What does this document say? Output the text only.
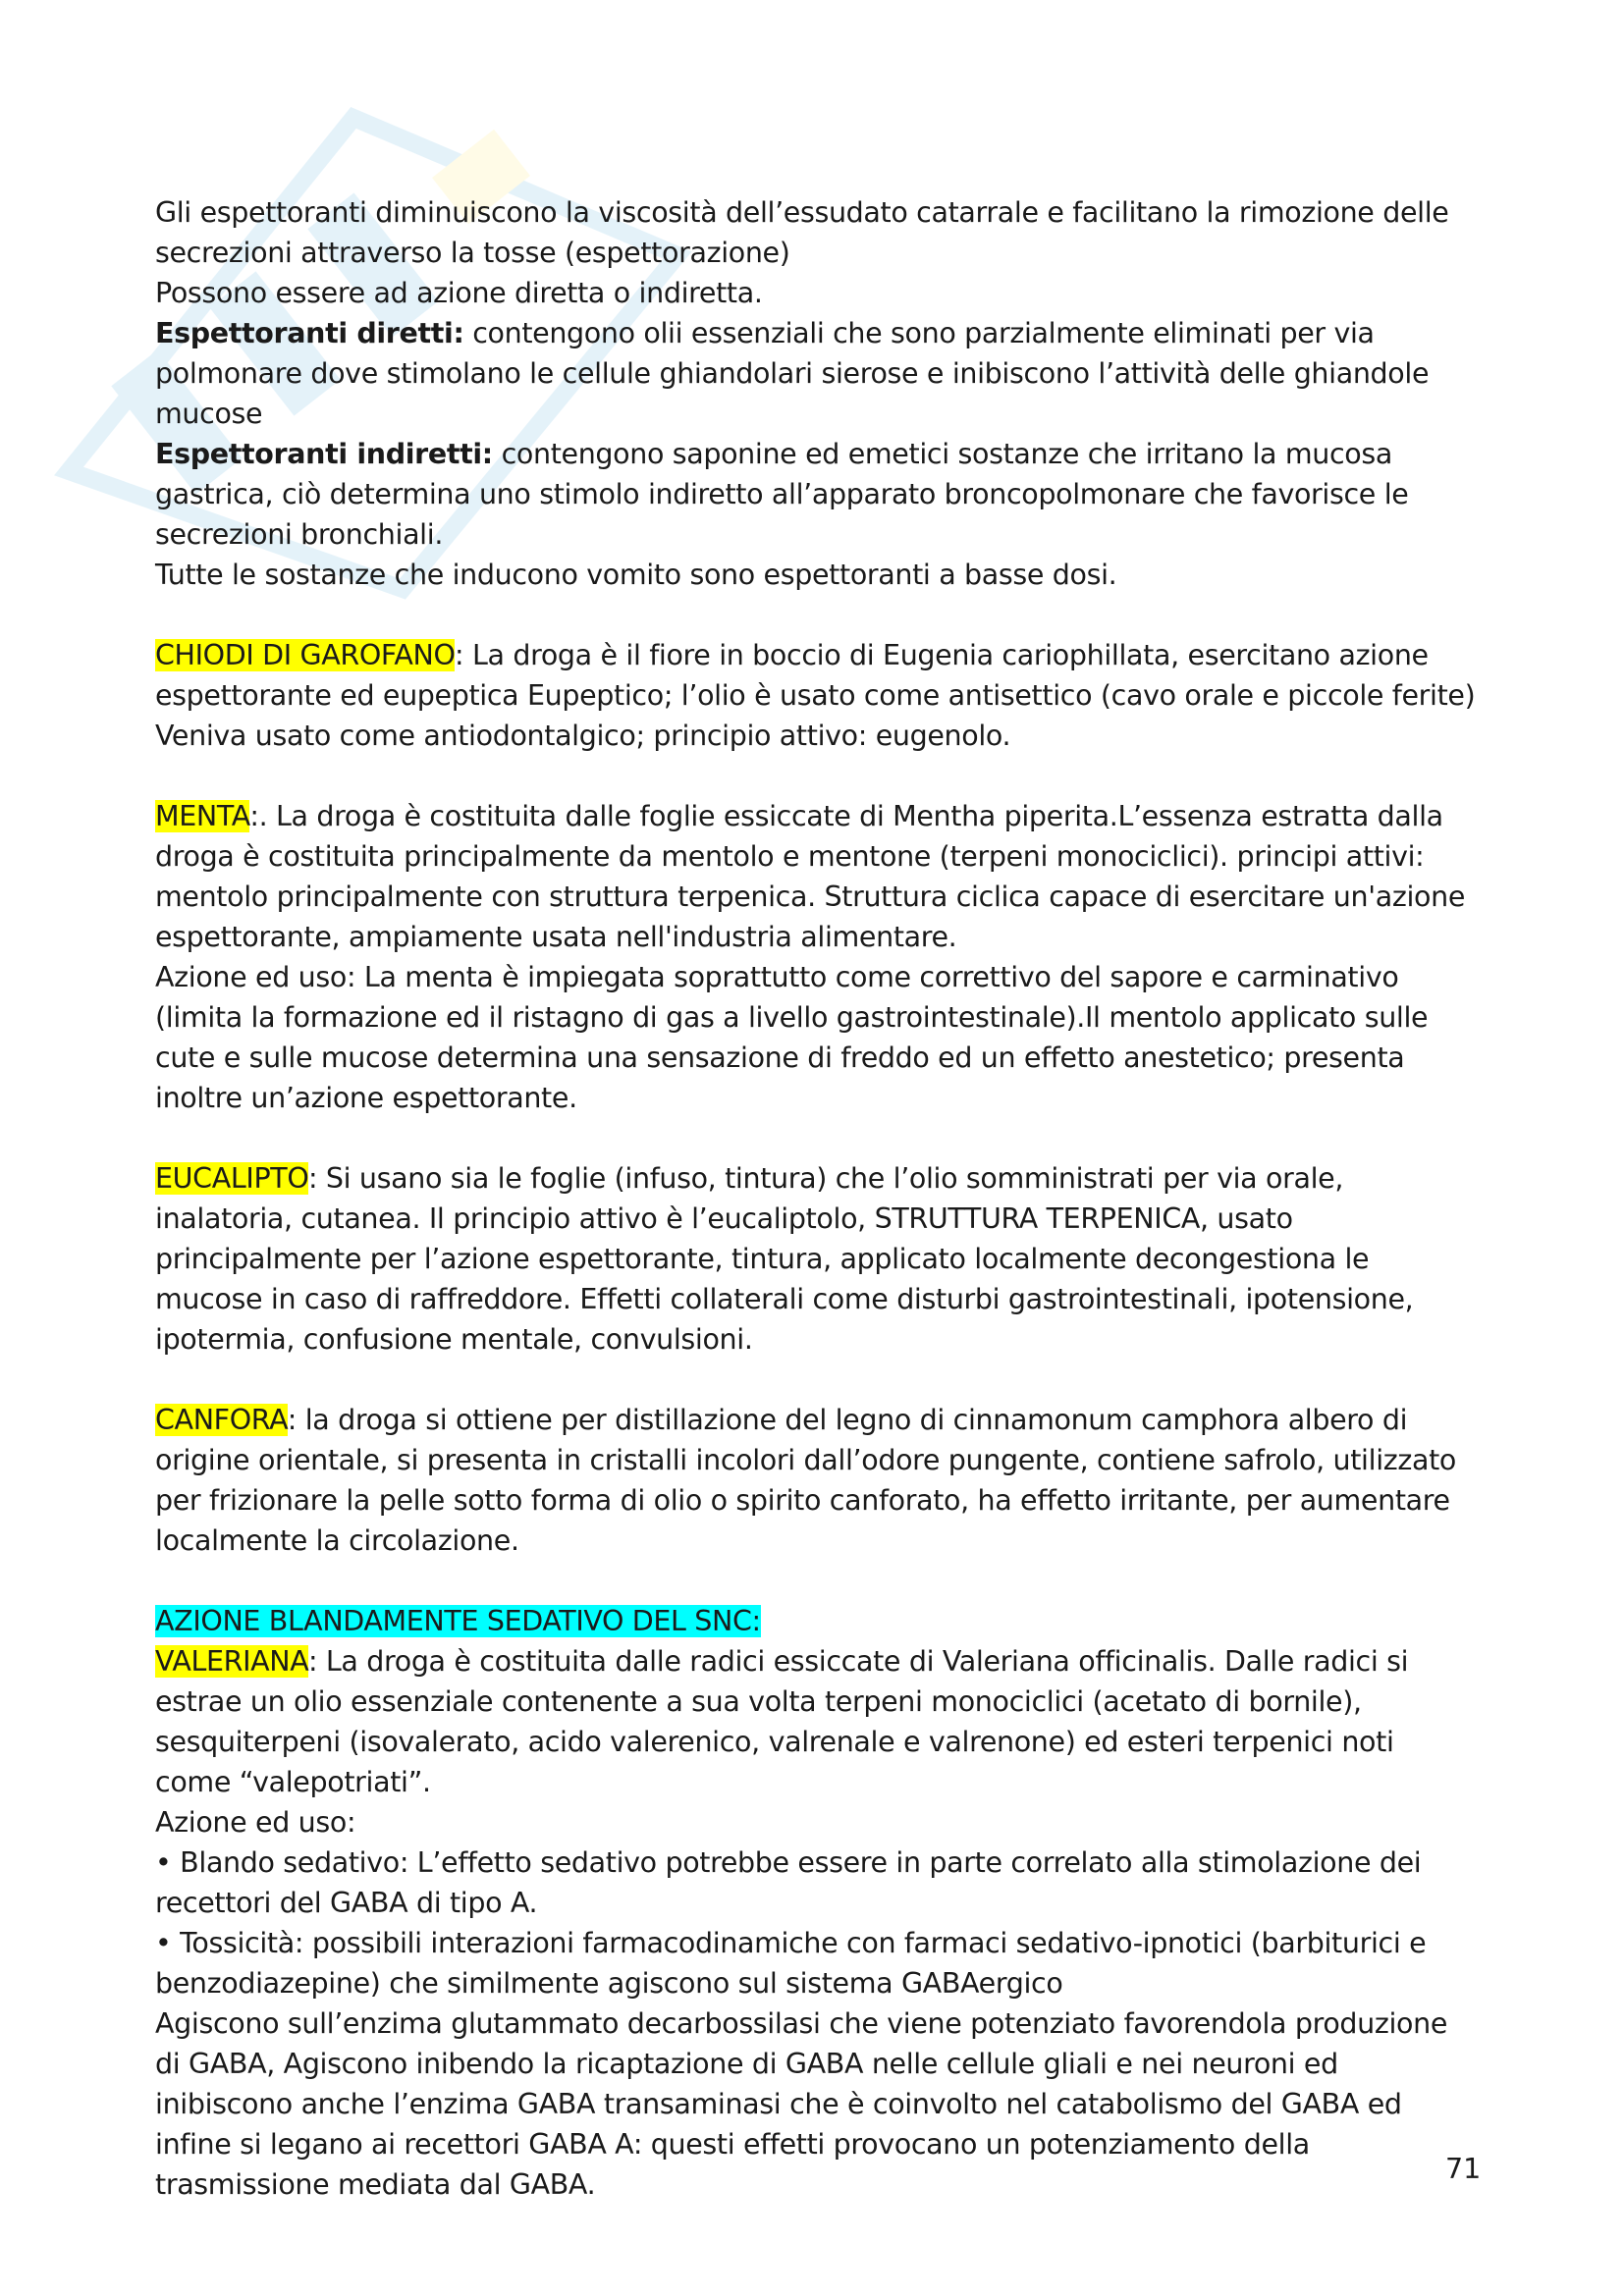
Gli espettoranti diminuiscono la viscosità dell’essudato catarrale e facilitano la rimozione delle secrezioni attraverso la tosse (espettorazione)

Possono essere ad azione diretta o indiretta.

Espettoranti diretti: contengono olii essenziali che sono parzialmente eliminati per via polmonare dove stimolano le cellule ghiandolari sierose e inibiscono l’attività delle ghiandole mucose

Espettoranti indiretti: contengono saponine ed emetici sostanze che irritano la mucosa gastrica, ciò determina uno stimolo indiretto all’apparato broncopolmonare che favorisce le secrezioni bronchiali.

Tutte le sostanze che inducono vomito sono espettoranti a basse dosi.

CHIODI DI GAROFANO: La droga è il fiore in boccio di Eugenia cariophillata, esercitano azione espettorante ed eupeptica Eupeptico; l’olio è usato come antisettico (cavo orale e piccole ferite)

Veniva usato come antiodontalgico; principio attivo: eugenolo.

MENTA:. La droga è costituita dalle foglie essiccate di Mentha piperita.L’essenza estratta dalla droga è costituita principalmente da mentolo e mentone (terpeni monociclici). principi attivi: mentolo principalmente con struttura terpenica. Struttura ciclica capace di esercitare un'azione espettorante, ampiamente usata nell'industria alimentare.

Azione ed uso: La menta è impiegata soprattutto come correttivo del sapore e carminativo (limita la formazione ed il ristagno di gas a livello gastrointestinale).Il mentolo applicato sulle cute e sulle mucose determina una sensazione di freddo ed un effetto anestetico; presenta inoltre un’azione espettorante.

EUCALIPTO: Si usano sia le foglie (infuso, tintura) che l’olio somministrati per via orale, inalatoria, cutanea. Il principio attivo è l’eucaliptolo, STRUTTURA TERPENICA, usato principalmente per l’azione espettorante, tintura, applicato localmente decongestiona le mucose in caso di raffreddore. Effetti collaterali come disturbi gastrointestinali, ipotensione, ipotermia, confusione mentale, convulsioni.

CANFORA: la droga si ottiene per distillazione del legno di cinnamonum camphora albero di origine orientale, si presenta in cristalli incolori dall’odore pungente, contiene safrolo, utilizzato per frizionare la pelle sotto forma di olio o spirito canforato, ha effetto irritante, per aumentare localmente la circolazione.

AZIONE BLANDAMENTE SEDATIVO DEL SNC:

VALERIANA: La droga è costituita dalle radici essiccate di Valeriana officinalis. Dalle radici si estrae un olio essenziale contenente a sua volta terpeni monociclici (acetato di bornile), sesquiterpeni (isovalerato, acido valerenico, valrenale e valrenone) ed esteri terpenici noti come “valepotriati”.

Azione ed uso:

• Blando sedativo: L’effetto sedativo potrebbe essere in parte correlato alla stimolazione dei recettori del GABA di tipo A.

• Tossicità: possibili interazioni farmacodinamiche con farmaci sedativo-ipnotici (barbiturici e benzodiazepine) che similmente agiscono sul sistema GABAergico

Agiscono sull’enzima glutammato decarbossilasi che viene potenziato favorendola produzione di GABA, Agiscono inibendo la ricaptazione di GABA nelle cellule gliali e nei neuroni ed inibiscono anche l’enzima GABA transaminasi che è coinvolto nel catabolismo del GABA ed infine si legano ai recettori GABA A: questi effetti provocano un potenziamento della trasmissione mediata dal GABA.	71
